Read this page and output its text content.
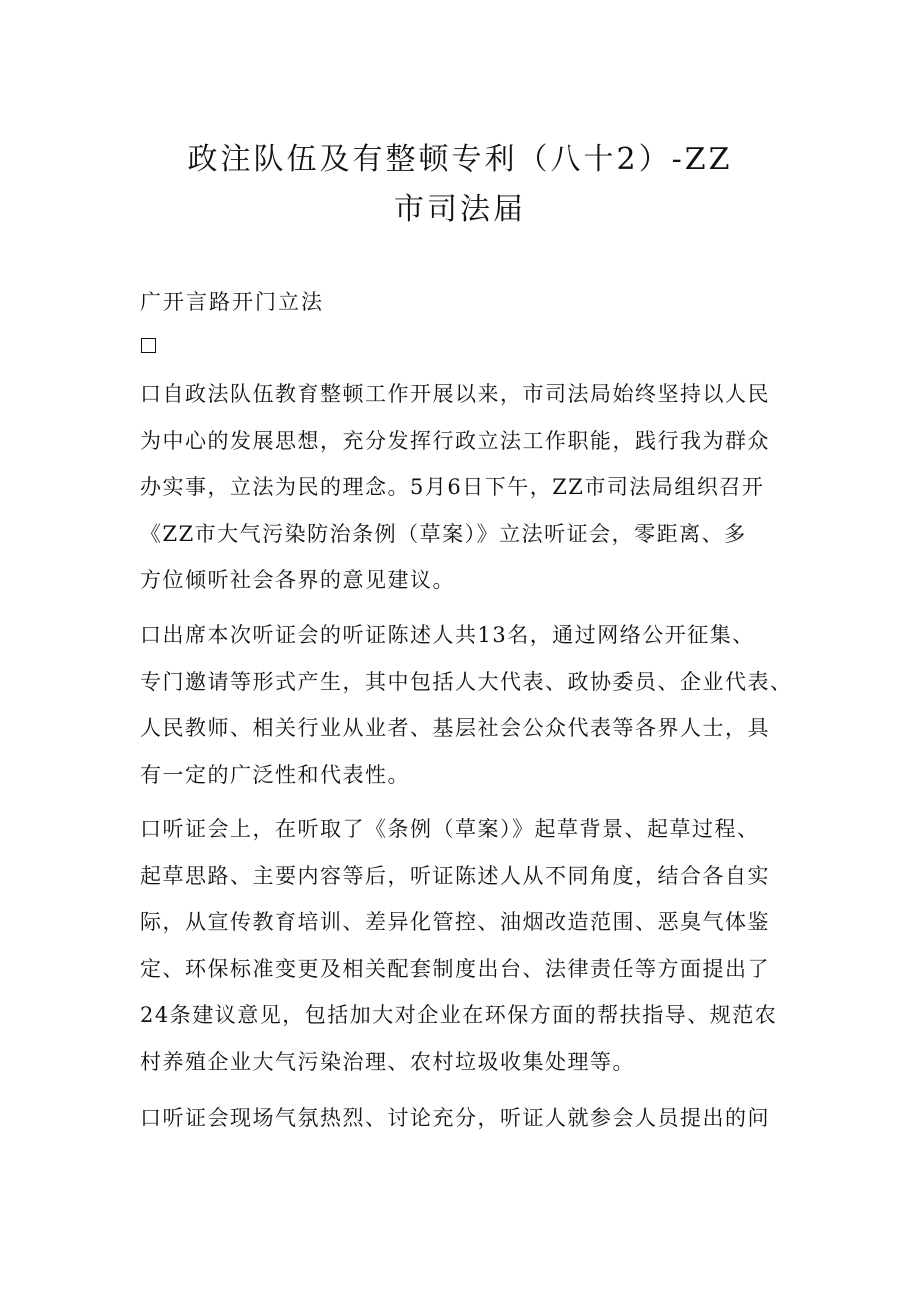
政注队伍及有整顿专利（八十2）-ZZ
市司法届
广开言路开门立法
口自政法队伍教育整顿工作开展以来，市司法局始终坚持以人民
为中心的发展思想，充分发挥行政立法工作职能，践行我为群众
办实事，立法为民的理念。5月6日下午，ZZ市司法局组织召开
《ZZ市大气污染防治条例（草案）》立法听证会，零距离、多
方位倾听社会各界的意见建议。
口出席本次听证会的听证陈述人共13名，通过网络公开征集、
专门邀请等形式产生，其中包括人大代表、政协委员、企业代表、
人民教师、相关行业从业者、基层社会公众代表等各界人士，具
有一定的广泛性和代表性。
口听证会上，在听取了《条例（草案）》起草背景、起草过程、
起草思路、主要内容等后，听证陈述人从不同角度，结合各自实
际，从宣传教育培训、差异化管控、油烟改造范围、恶臭气体鉴
定、环保标准变更及相关配套制度出台、法律责任等方面提出了
24条建议意见，包括加大对企业在环保方面的帮扶指导、规范农
村养殖企业大气污染治理、农村垃圾收集处理等。
口听证会现场气氛热烈、讨论充分，听证人就参会人员提出的问
